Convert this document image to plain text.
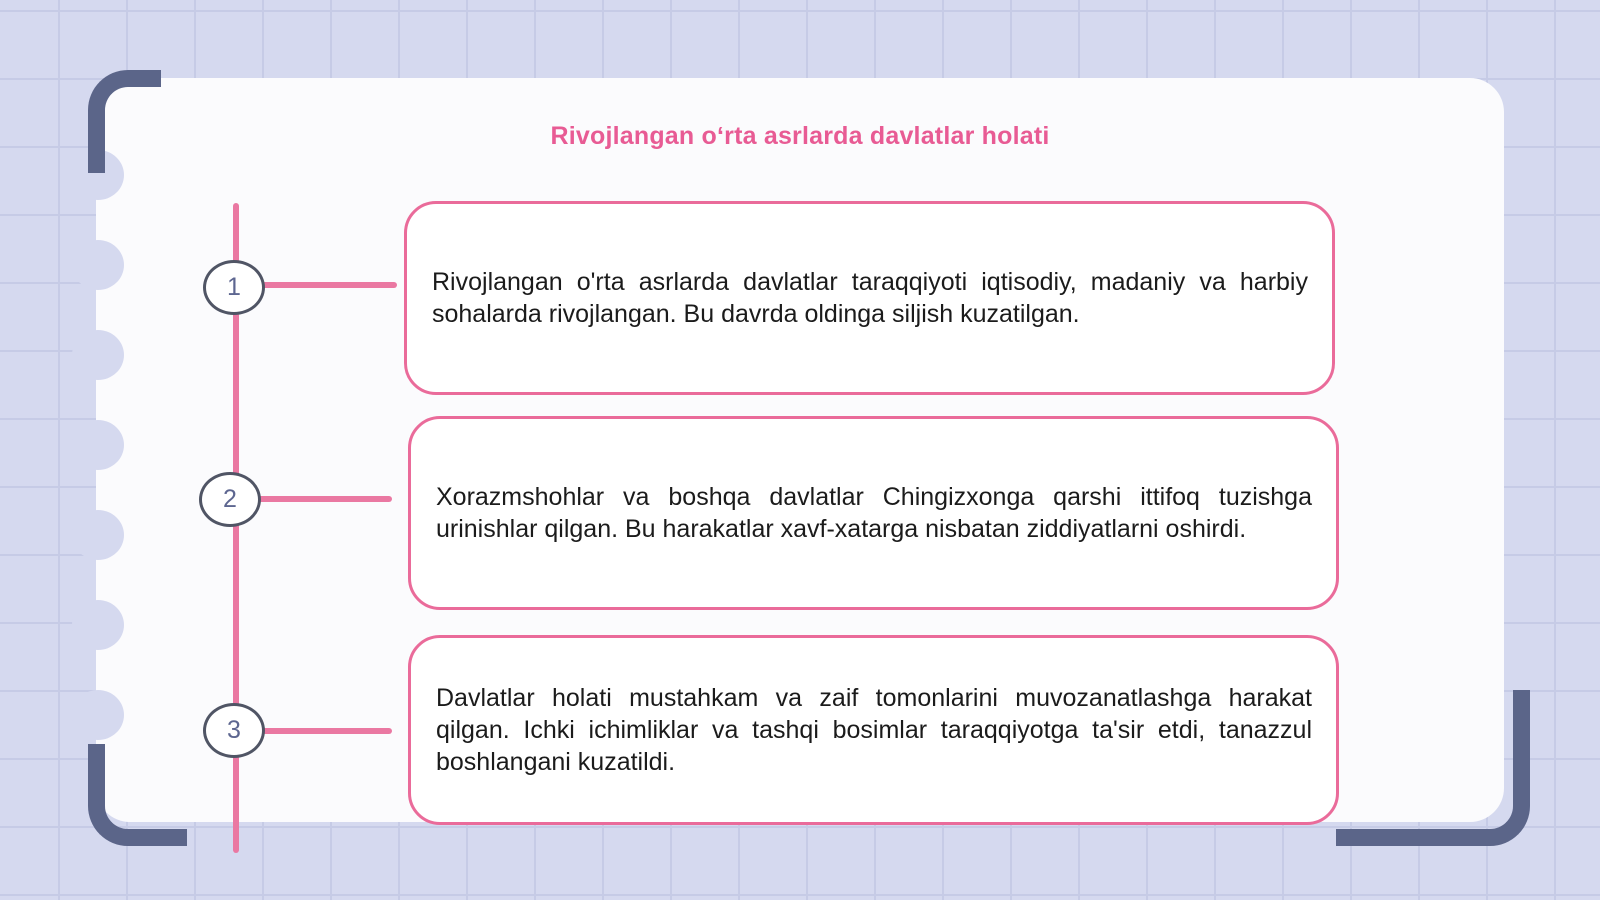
Rivojlangan oʻrta asrlarda davlatlar holati
1
2
3
Rivojlangan o'rta asrlarda davlatlar taraqqiyoti iqtisodiy, madaniy va harbiy sohalarda rivojlangan. Bu davrda oldinga siljish kuzatilgan.
Xorazmshohlar va boshqa davlatlar Chingizxonga qarshi ittifoq tuzishga urinishlar qilgan. Bu harakatlar xavf-xatarga nisbatan ziddiyatlarni oshirdi.
Davlatlar holati mustahkam va zaif tomonlarini muvozanatlashga harakat qilgan. Ichki ichimliklar va tashqi bosimlar taraqqiyotga ta'sir etdi, tanazzul boshlangani kuzatildi.
